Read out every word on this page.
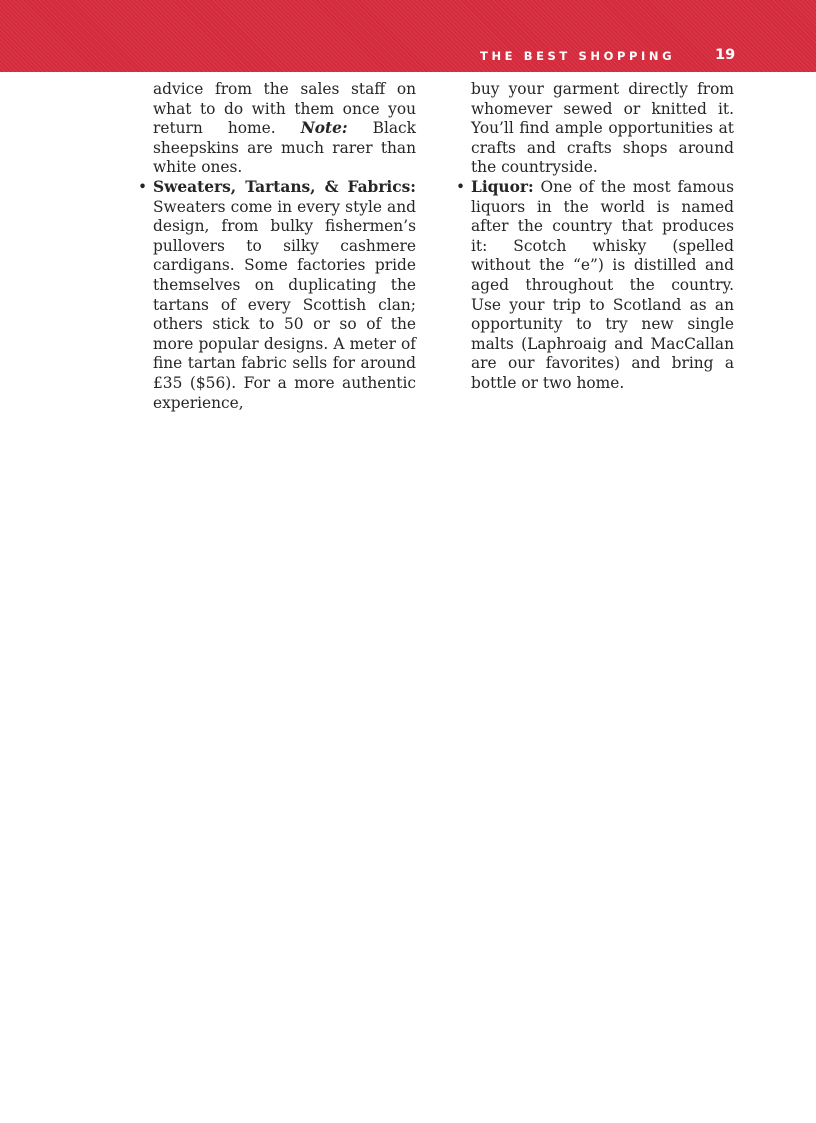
THE BEST SHOPPING	19

advice from the sales staff on what to do with them once you return home. Note: Black sheepskins are much rarer than white ones.

• Sweaters, Tartans, & Fabrics: Sweaters come in every style and design, from bulky fishermen’s pullovers to silky cashmere cardigans. Some factories pride themselves on duplicating the tartans of every Scottish clan; others stick to 50 or so of the more popular designs. A meter of fine tartan fabric sells for around £35 ($56). For a more authentic experience,

buy your garment directly from whomever sewed or knitted it. You’ll find ample opportunities at crafts and crafts shops around the countryside.

• Liquor: One of the most famous liquors in the world is named after the country that produces it: Scotch whisky (spelled without the “e”) is distilled and aged throughout the country. Use your trip to Scotland as an opportunity to try new single malts (Laphroaig and MacCallan are our favorites) and bring a bottle or two home.
